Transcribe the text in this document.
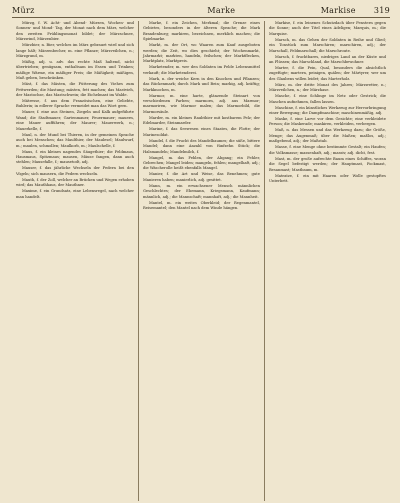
Mürz	Marke	Markise 319

Mürzg, f. W. Acht- und Abend- Mürzen, Wochen- und Sonnen- und Mond- Tag, der Monat nach dem März, welcher den zweiten Frühlingsmonat bildet; der Märzschnee, Märzwind, Märzenbier.

Mürzbier, n. Bier, welches im März gebrauet wird und sich lange hält; Märzenbecher, m. eine Pflanze; Märzveilchen, n.; Märzgrund, m.

Mäßig, adj. u. adv. das rechte Maß haltend, nicht übertrieben; genügsam, enthaltsam im Essen und Trinken; mäßige Wärme, ein mäßiger Preis; die Mäßigkeit; mäßigen, Maß geben, beschränken.

Mäst, f. das Mästen, die Fütterung des Viehes zum Fettwerden; die Mastung; mästen, fett machen; das Mastvieh, der Mastochse, das Mastschwein; die Eichelmast im Walde.

Mätresse, f. aus dem Französischen, eine Geliebte, Buhlerin; in edlerer Sprache vermeidet man das Wort gern.

Mauer, f. eine aus Steinen, Ziegeln und Kalk aufgeführte Wand; die Stadtmauer, Gartenmauer, Feuermauer; mauern, eine Mauer aufführen; der Maurer; Mauerwerk, n.; Mauerkelle, f.

Maul, n. der Mund bei Thieren, in der gemeinen Sprache auch bei Menschen; das Maulthier, der Maulesel; Maulwurf, m.; maulen, schmollen; Maulkorb, m.; Maulschelle, f.

Maus, f. ein kleines nagendes Säugethier; die Feldmaus, Hausmaus, Spitzmaus; mausen, Mäuse fangen, dann auch stehlen; Mausefalle, f.; mausetodt, adj.

Mauser, f. das jährliche Wechseln der Federn bei den Vögeln; sich mausern, die Federn wechseln.

Mauth, f. der Zoll, welcher an Brücken und Wegen erhoben wird; das Mauthhaus, der Mauthner.

Maxime, f. ein Grundsatz, eine Lebensregel, nach welcher man handelt.

Marke, f. ein Zeichen, Merkmal; die Grenze eines Gebietes, besonders in der älteren Sprache; die Mark Brandenburg; markiren, bezeichnen, merklich machen; die Spielmarke.

Markt, m. der Ort, wo Waaren zum Kauf ausgeboten werden; die Zeit, wo dies geschieht; der Wochenmarkt, Jahrmarkt; markten, handeln, feilschen; der Marktflecken, Marktplatz, Marktpreis.

Marketender, m. wer den Soldaten im Felde Lebensmittel verkauft; die Marketenderei.

Mark, n. der weiche Kern in den Knochen und Pflanzen; das Rückenmark; durch Mark und Bein; markig, adj. kräftig; Markknochen, m.

Marmor, m. eine harte, glänzende Steinart von verschiedenen Farben; marmorn, adj. aus Marmor; marmoriren, wie Marmor malen; das Marmorbild, die Marmorsäule.

Marder, m. ein kleines Raubthier mit kostbarem Pelz; der Edelmarder, Steinmarder.

Marine, f. das Seewesen eines Staates, die Flotte; der Marinesoldat.

Mandel, f. die Frucht des Mandelbaumes; die süße, bittere Mandel; dann eine Anzahl von fünfzehn Stück; die Halsmandeln; Mandelmilch, f.

Mangel, m. das Fehlen, der Abgang; ein Fehler, Gebrechen; Mangel leiden; mangeln, fehlen; mangelhaft, adj.; die Wäscherolle heißt ebenfalls Mangel.

Manier, f. die Art und Weise, das Benehmen; gute Manieren haben; manierlich, adj. gesittet.

Mann, m. ein erwachsener Mensch männlichen Geschlechtes; der Ehemann, Kriegsmann, Kaufmann; männlich, adj.; die Mannschaft; mannhaft, adj.; die Mannheit.

Mantel, m. ein weites Oberkleid; der Regenmantel, Reisemantel; den Mantel nach dem Winde hängen.

Markise, f. ein leinenes Schutzdach über Fenstern gegen die Sonne; auch der Titel eines Adeligen; Marquis, m.; die Marquise.

Marsch, m. das Gehen der Soldaten in Reihe und Glied; ein Tonstück zum Marschiren; marschiren, adj.; der Marschall, Feldmarschall; die Marschroute.

Marsch, f. fruchtbares, niedriges Land an der Küste und an Flüssen; das Marschland, die Marschbewohner.

Marter, f. die Pein, Qual, besonders die absichtlich zugefügte; martern, peinigen, quälen; der Märtyrer, wer um des Glaubens willen leidet; das Marterholz.

März, m. der dritte Monat des Jahres; Märzwetter, n.; Märzveilchen, n.; der Märzhase.

Masche, f. eine Schlinge im Netz oder Gestrick; die Maschen aufnehmen, fallen lassen.

Maschine, f. ein künstliches Werkzeug zur Hervorbringung einer Bewegung; die Dampfmaschine; maschinenmäßig, adj.

Maske, f. eine Larve vor dem Gesichte; eine verkleidete Person; die Maskerade; maskiren, verkleiden, verbergen.

Maß, n. das Messen und das Werkzeug dazu; die Größe, Menge; das Augenmaß; über die Maßen; maßlos, adj.; maßgebend, adj.; der Maßstab.

Masse, f. eine Menge ohne bestimmte Gestalt; ein Haufen; die Volksmasse; massenhaft, adj.; massiv, adj. dicht, fest.

Mast, m. der große aufrechte Baum eines Schiffes, woran die Segel befestigt werden; der Hauptmast, Fockmast, Besanmast; Mastbaum, m.

Matratze, f. ein mit Haaren oder Wolle gestopftes Unterbett.
